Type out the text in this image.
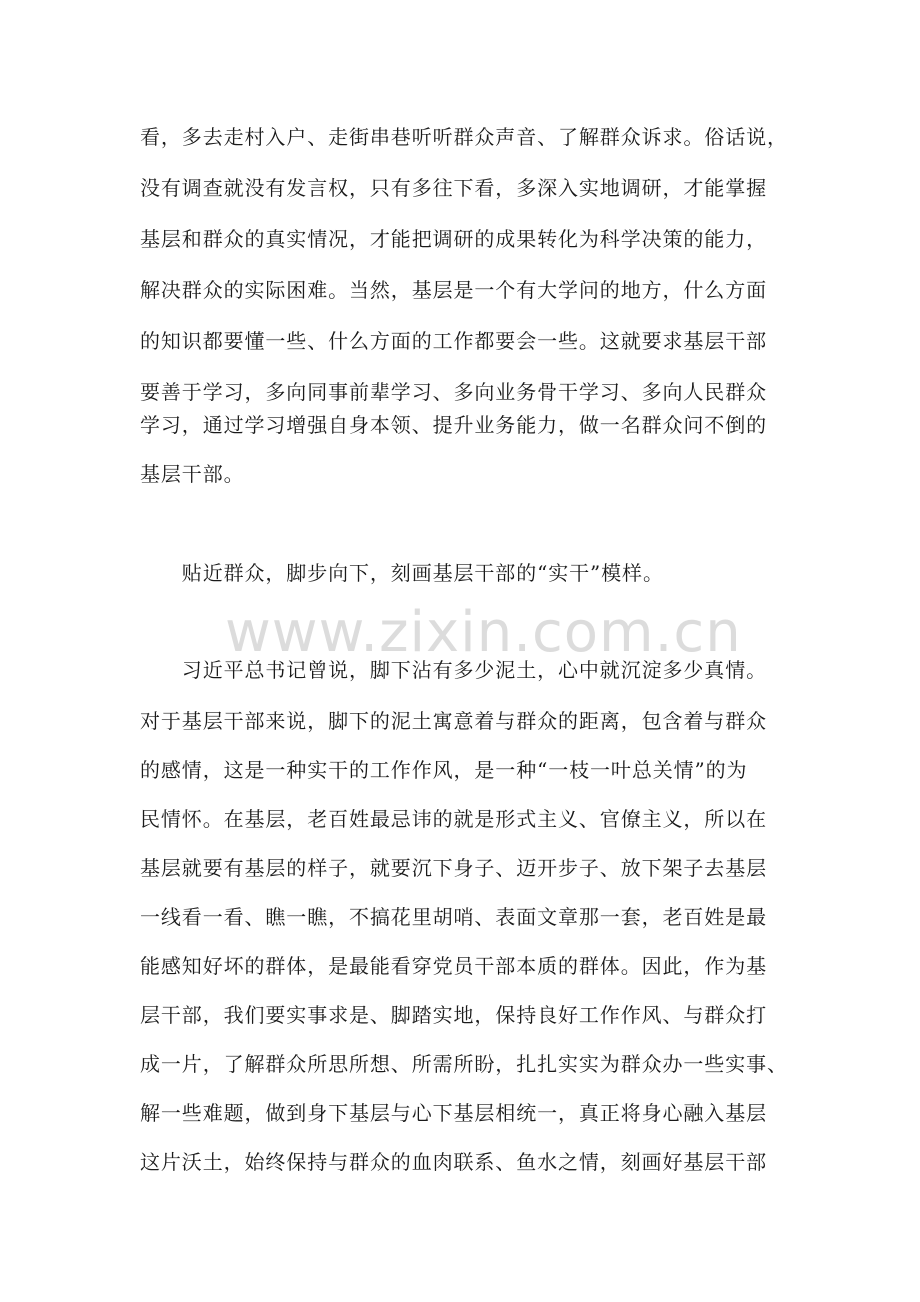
www.zixin.com.cn
看，多去走村入户、走街串巷听听群众声音、了解群众诉求。俗话说，
没有调查就没有发言权，只有多往下看，多深入实地调研，才能掌握
基层和群众的真实情况，才能把调研的成果转化为科学决策的能力，
解决群众的实际困难。当然，基层是一个有大学问的地方，什么方面
的知识都要懂一些、什么方面的工作都要会一些。这就要求基层干部
要善于学习，多向同事前辈学习、多向业务骨干学习、多向人民群众
学习，通过学习增强自身本领、提升业务能力，做一名群众问不倒的
基层干部。
　　贴近群众，脚步向下，刻画基层干部的“实干”模样。
　　习近平总书记曾说，脚下沾有多少泥土，心中就沉淀多少真情。
对于基层干部来说，脚下的泥土寓意着与群众的距离，包含着与群众
的感情，这是一种实干的工作作风，是一种“一枝一叶总关情”的为
民情怀。在基层，老百姓最忌讳的就是形式主义、官僚主义，所以在
基层就要有基层的样子，就要沉下身子、迈开步子、放下架子去基层
一线看一看、瞧一瞧，不搞花里胡哨、表面文章那一套，老百姓是最
能感知好坏的群体，是最能看穿党员干部本质的群体。因此，作为基
层干部，我们要实事求是、脚踏实地，保持良好工作作风、与群众打
成一片，了解群众所思所想、所需所盼，扎扎实实为群众办一些实事、
解一些难题，做到身下基层与心下基层相统一，真正将身心融入基层
这片沃土，始终保持与群众的血肉联系、鱼水之情，刻画好基层干部
